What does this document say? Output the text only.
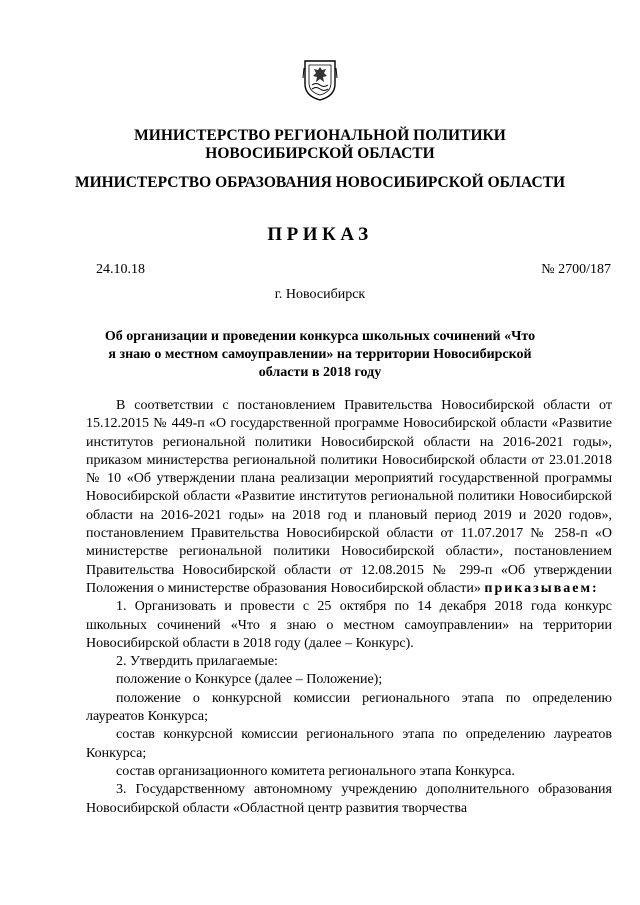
МИНИСТЕРСТВО РЕГИОНАЛЬНОЙ ПОЛИТИКИ
НОВОСИБИРСКОЙ ОБЛАСТИ
МИНИСТЕРСТВО ОБРАЗОВАНИЯ НОВОСИБИРСКОЙ ОБЛАСТИ
ПРИКАЗ
24.10.18	№ 2700/187
г. Новосибирск
Об организации и проведении конкурса школьных сочинений «Что я знаю о местном самоуправлении» на территории Новосибирской области в 2018 году

В соответствии с постановлением Правительства Новосибирской области от 15.12.2015 № 449-п «О государственной программе Новосибирской области «Развитие институтов региональной политики Новосибирской области на 2016-2021 годы», приказом министерства региональной политики Новосибирской области от 23.01.2018 № 10 «Об утверждении плана реализации мероприятий государственной программы Новосибирской области «Развитие институтов региональной политики Новосибирской области на 2016-2021 годы» на 2018 год и плановый период 2019 и 2020 годов», постановлением Правительства Новосибирской области от 11.07.2017 № 258-п «О министерстве региональной политики Новосибирской области», постановлением Правительства Новосибирской области от 12.08.2015 № 299-п «Об утверждении Положения о министерстве образования Новосибирской области» приказываем:

1. Организовать и провести с 25 октября по 14 декабря 2018 года конкурс школьных сочинений «Что я знаю о местном самоуправлении» на территории Новосибирской области в 2018 году (далее – Конкурс).

2. Утвердить прилагаемые:

положение о Конкурсе (далее – Положение);

положение о конкурсной комиссии регионального этапа по определению лауреатов Конкурса;

состав конкурсной комиссии регионального этапа по определению лауреатов Конкурса;

состав организационного комитета регионального этапа Конкурса.

3. Государственному автономному учреждению дополнительного образования Новосибирской области «Областной центр развития творчества
